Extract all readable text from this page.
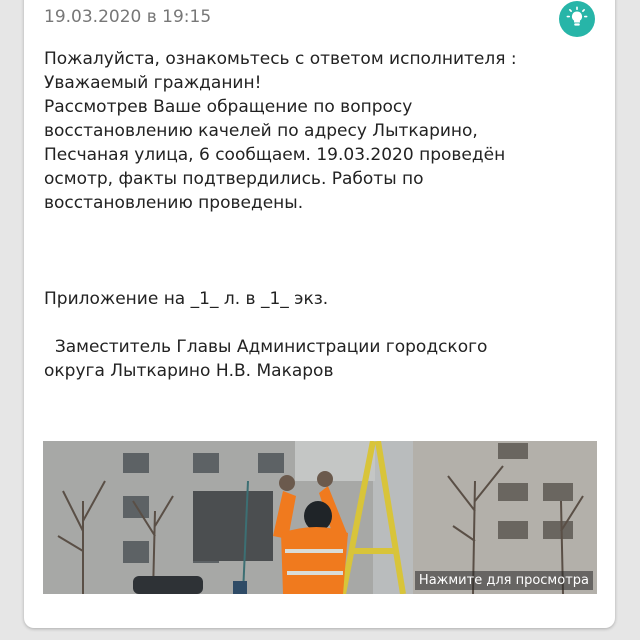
19.03.2020 в 19:15

Пожалуйста, ознакомьтесь с ответом исполнителя :

Уважаемый гражданин!

Рассмотрев Ваше обращение по вопросу

восстановлению качелей по адресу Лыткарино,

Песчаная улица, 6 сообщаем. 19.03.2020 проведён

осмотр, факты подтвердились. Работы по

восстановлению проведены.

Приложение на _1_ л. в _1_ экз.

Заместитель Главы Администрации городского

округа Лыткарино Н.В. Макаров

Нажмите для просмотра
